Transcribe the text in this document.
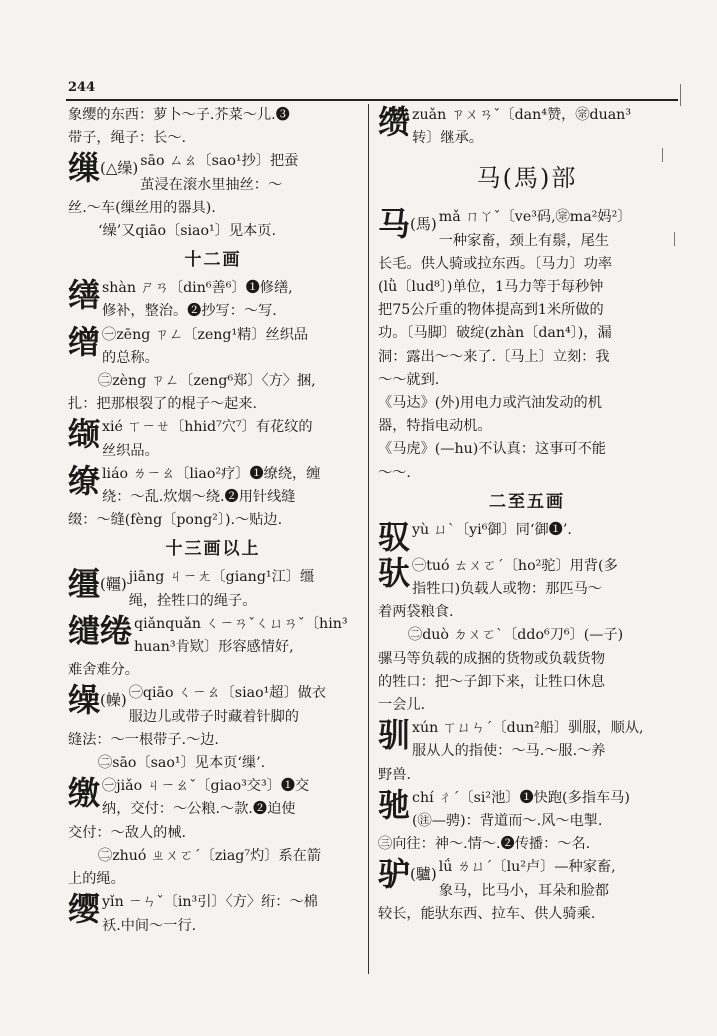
244
象缨的东西：萝卜～子.芥菜～儿.❸
带子，绳子：长～.
缫(△缲) sāo ㄙㄠ〔sao¹抄〕把蚕
茧浸在滚水里抽丝：～
丝.～车(缫丝用的器具).
‘缲’又qiāo〔siao¹〕见本页.
十二画
缮 shàn ㄕㄢ〔din⁶善⁶〕❶修缮,
修补，整治。❷抄写：～写.
缯 ㊀zēng ㄗㄥ〔zeng¹精〕丝织品
的总称。
㊁zèng ㄗㄥ〔zeng⁶郑〕〈方〉捆,
扎：把那根裂了的棍子～起来.
缬 xié ㄒㄧㄝ〔hhid⁷穴⁷〕有花纹的
丝织品。
缭 liáo ㄌㄧㄠ〔liao²疗〕❶缭绕，缠
绕：～乱.炊烟～绕.❷用针线缝
缀：～缝(fèng〔pong²〕).～贴边.
十三画以上
缰(韁) jiāng ㄐㄧㄤ〔giang¹江〕缰
绳，拴牲口的绳子。
缱绻 qiǎnquǎn ㄑㄧㄢˇㄑㄩㄢˇ〔hin³
huan³肯欵〕形容感情好,
难舍难分。
缲(幧) ㊀qiāo ㄑㄧㄠ〔siao¹超〕做衣
服边儿或带子时藏着针脚的
缝法：～一根带子.～边.
㊁sāo〔sao¹〕见本页‘缫’.
缴 ㊀jiǎo ㄐㄧㄠˇ〔giao³交³〕❶交
纳，交付：～公粮.～款.❷迫使
交付：～敌人的械.
㊁zhuó ㄓㄨㄛˊ〔ziag⁷灼〕系在箭
上的绳。
缨 yǐn ㄧㄣˇ〔in³引〕〈方〉绗：～棉
袄.中间～一行.
缵 zuǎn ㄗㄨㄢˇ〔dan⁴赞，㊪duan³
转〕继承。
马(馬)部
马(馬) mǎ ㄇㄚˇ〔ve³码,㊪ma²妈²〕
一种家畜，颈上有鬃，尾生
长毛。供人骑或拉东西。〔马力〕功率
(lǜ〔lud⁸〕)单位，1马力等于每秒钟
把75公斤重的物体提高到1米所做的
功。〔马脚〕破绽(zhàn〔dan⁴〕)，漏
洞：露出～～来了.〔马上〕立刻：我
～～就到.
《马达》(外)用电力或汽油发动的机
器，特指电动机。
《马虎》(—hu)不认真：这事可不能
～～.
二至五画
驭 yù ㄩˋ〔yi⁶御〕同‘御❶’.
驮 ㊀tuó ㄊㄨㄛˊ〔ho²驼〕用背(多
指牲口)负载人或物：那匹马～
着两袋粮食.
㊁duò ㄉㄨㄛˋ〔ddo⁶刀⁶〕(—子)
骡马等负载的成捆的货物或负载货物
的牲口：把～子卸下来，让牲口休息
一会儿.
驯 xún ㄒㄩㄣˊ〔dun²船〕驯服，顺从,
服从人的指使：～马.～服.～养
野兽.
驰 chí ㄔˊ〔si²池〕❶快跑(多指车马)
(㊟—骋)：背道而～.风～电掣.
㊂向往：神～.情～.❷传播：～名.
驴(驢) lǘ ㄌㄩˊ〔lu²卢〕—种家畜,
象马，比马小，耳朵和脸都
较长，能驮东西、拉车、供人骑乘.
